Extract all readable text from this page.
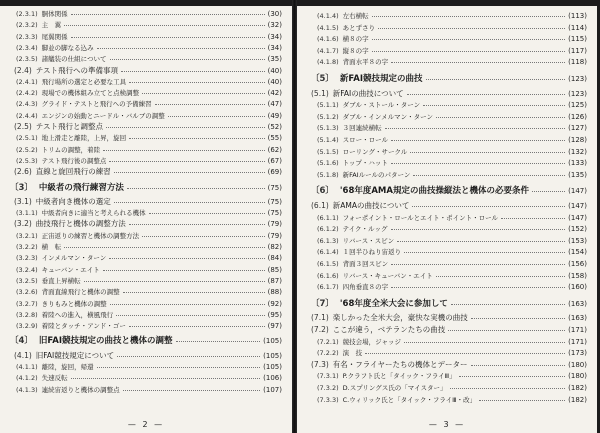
(2.3.1) 胴体関係	(30)
(2.3.2) 主　翼	(32)
(2.3.3) 尾翼関係	(34)
(2.3.4) 脚並の脚なる込み	(34)
(2.3.5) 諸艤装の仕組について	(35)
(2.4) テスト飛行への準備事項	(40)
(2.4.1) 飛行場所の選定と必要な工具	(40)
(2.4.2) 現場での機体組み立てと点検調整	(42)
(2.4.3) グライド・テストと飛行への予備練習	(47)
(2.4.4) エンジンの始動とニードル・バルブの調整	(49)
(2.5) テスト飛行と調整点	(52)
(2.5.1) 地上滑走と離陸，上昇，旋回	(55)
(2.5.2) トリムの調整，着陸	(62)
(2.5.3) テスト飛行後の調整点	(67)
(2.6) 直線と旋回飛行の練習	(69)
〔3〕 中級者の飛行練習方法	(75)
(3.1) 中級者向き機体の選定	(75)
(3.1.1) 中級者向きに適当と考えられる機体	(75)
(3.2) 曲技飛行と機体の調整方法	(79)
(3.2.1) 正宙返りの練習と機体の調整方法	(79)
(3.2.2) 横　転	(82)
(3.2.3) インメルマン・ターン	(84)
(3.2.4) キューバン・エイト	(85)
(3.2.5) 垂直上昇横転	(87)
(3.2.6) 背面直線飛行と機体の調整	(88)
(3.2.7) きりもみと機体の調整	(92)
(3.2.8) 着陸への進入，横風飛行	(95)
(3.2.9) 着陸とタッチ・アンド・ゴー	(97)
〔4〕 旧FAI競技規定の曲技と機体の調整	(105)
(4.1) 旧FAI競技規定について	(105)
(4.1.1) 離陸，旋回，帰還	(105)
(4.1.2) 失速反転	(106)
(4.1.3) 連続宙返りと機体の調整点	(107)
— 2 —
(4.1.4) 左右横転	(113)
(4.1.5) あとずさり	(114)
(4.1.6) 横８の字	(115)
(4.1.7) 縦８の字	(117)
(4.1.8) 背面水平８の字	(118)
〔5〕 新FAI競技規定の曲技	(123)
(5.1) 新FAIの曲技について	(123)
(5.1.1) ダブル・ストール・ターン	(125)
(5.1.2) ダブル・インメルマン・ターン	(126)
(5.1.3) ３回連続横転	(127)
(5.1.4) スロー・ロール	(128)
(5.1.5) ローリング・サークル	(132)
(5.1.6) トップ・ハット	(133)
(5.1.8) 新FAIルールのパターン	(135)
〔6〕 '68年度AMA規定の曲技操縦法と機体の必要条件	(147)
(6.1) 新AMAの曲技について	(147)
(6.1.1) フォーポイント・ロールとエイト・ポイント・ロール	(147)
(6.1.2) テイク・ルッグ	(152)
(6.1.3) リバース・スピン	(153)
(6.1.4) １回半ひねり宙返り	(154)
(6.1.5) 背面３回スピン	(156)
(6.1.6) リバース・キューバン・エイト	(158)
(6.1.7) 四角垂直８の字	(160)
〔7〕 '68年度全米大会に参加して	(163)
(7.1) 楽しかった全米大会，豪快な実機の曲技	(163)
(7.2) ここが違う，ベテランたちの曲技	(171)
(7.2.1) 競技会場，ジャッジ	(171)
(7.2.2) 演　技	(173)
(7.3) 有名・フライヤーたちの機体とデーター	(180)
(7.3.1) P.クラフト氏と「タイック・フライⅢ」	(180)
(7.3.2) D.スプリングス氏の「マイスター」	(182)
(7.3.3) C.ウィリック氏と「タイック・フライⅢ・改」	(182)
— 3 —
